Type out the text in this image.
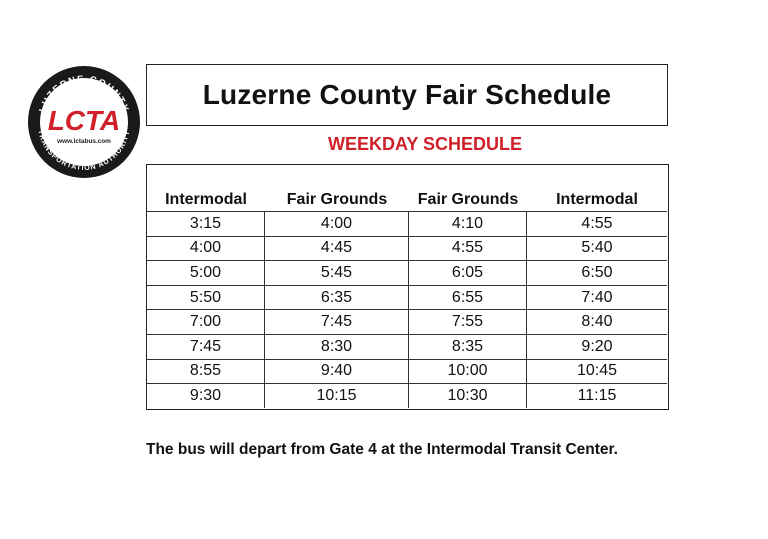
LUZERNE COUNTY
TRANSPORTATION AUTHORITY
LCTA
www.lctabus.com
Luzerne County Fair Schedule
WEEKDAY SCHEDULE
Intermodal	Fair Grounds	Fair Grounds	Intermodal
3:15	4:00	4:10	4:55
4:00	4:45	4:55	5:40
5:00	5:45	6:05	6:50
5:50	6:35	6:55	7:40
7:00	7:45	7:55	8:40
7:45	8:30	8:35	9:20
8:55	9:40	10:00	10:45
9:30	10:15	10:30	11:15
The bus will depart from Gate 4 at the Intermodal Transit Center.
